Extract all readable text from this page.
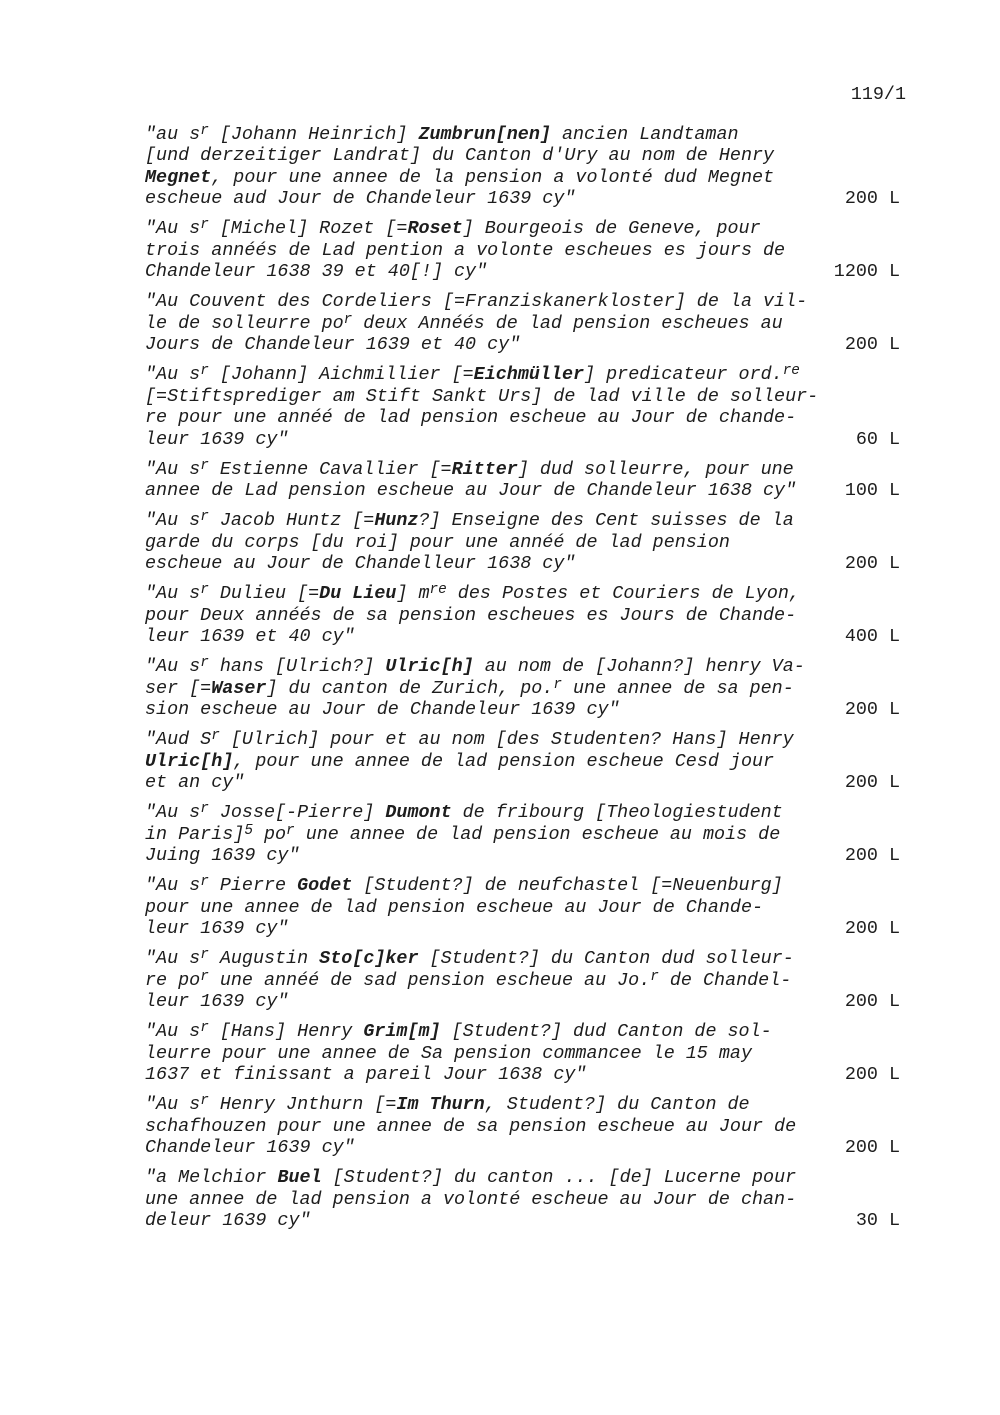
119/1
"au $s^r$ [Johann Heinrich] Zumbrun[nen] ancien Landtaman
[und derzeitiger Landrat] du Canton d'Ury au nom de Henry
Megnet, pour une annee de la pension a volonté dud Megnet
escheue aud Jour de Chandeleur 1639 cy"	200 L
"Au $s^r$ [Michel] Rozet [=Roset] Bourgeois de Geneve, pour
trois annéés de Lad pention a volonte escheues es jours de
Chandeleur 1638 39 et 40[!] cy"	1200 L
"Au Couvent des Cordeliers [=Franziskanerkloster] de la vil-
le de solleurre $po^r$ deux Annéés de lad pension escheues au
Jours de Chandeleur 1639 et 40 cy"	200 L
"Au $s^r$ [Johann] Aichmillier [=Eichmüller] predicateur ord.$^{re}$
[=Stiftsprediger am Stift Sankt Urs] de lad ville de solleur-
re pour une annéé de lad pension escheue au Jour de chande-
leur 1639 cy"	60 L
"Au $s^r$ Estienne Cavallier [=Ritter] dud solleurre, pour une
annee de Lad pension escheue au Jour de Chandeleur 1638 cy"	100 L
"Au $s^r$ Jacob Huntz [=Hunz?] Enseigne des Cent suisses de la
garde du corps [du roi] pour une annéé de lad pension
escheue au Jour de Chandelleur 1638 cy"	200 L
"Au $s^r$ Dulieu [=Du Lieu] $m^{re}$ des Postes et Couriers de Lyon,
pour Deux annéés de sa pension escheues es Jours de Chande-
leur 1639 et 40 cy"	400 L
"Au $s^r$ hans [Ulrich?] Ulric[h] au nom de [Johann?] henry Va-
ser [=Waser] du canton de Zurich, po.$^r$ une annee de sa pen-
sion escheue au Jour de Chandeleur 1639 cy"	200 L
"Aud $S^r$ [Ulrich] pour et au nom [des Studenten? Hans] Henry
Ulric[h], pour une annee de lad pension escheue Cesd jour
et an cy"	200 L
"Au $s^r$ Josse[-Pierre] Dumont de fribourg [Theologiestudent
in Paris]$^5$ $po^r$ une annee de lad pension escheue au mois de
Juing 1639 cy"	200 L
"Au $s^r$ Pierre Godet [Student?] de neufchastel [=Neuenburg]
pour une annee de lad pension escheue au Jour de Chande-
leur 1639 cy"	200 L
"Au $s^r$ Augustin Sto[c]ker [Student?] du Canton dud solleur-
re $po^r$ une annéé de sad pension escheue au Jo.$^r$ de Chandel-
leur 1639 cy"	200 L
"Au $s^r$ [Hans] Henry Grim[m] [Student?] dud Canton de sol-
leurre pour une annee de Sa pension commancee le 15 may
1637 et finissant a pareil Jour 1638 cy"	200 L
"Au $s^r$ Henry Jnthurn [=Im Thurn, Student?] du Canton de
schafhouzen pour une annee de sa pension escheue au Jour de
Chandeleur 1639 cy"	200 L
"a Melchior Buel [Student?] du canton ... [de] Lucerne pour
une annee de lad pension a volonté escheue au Jour de chan-
deleur 1639 cy"	30 L
